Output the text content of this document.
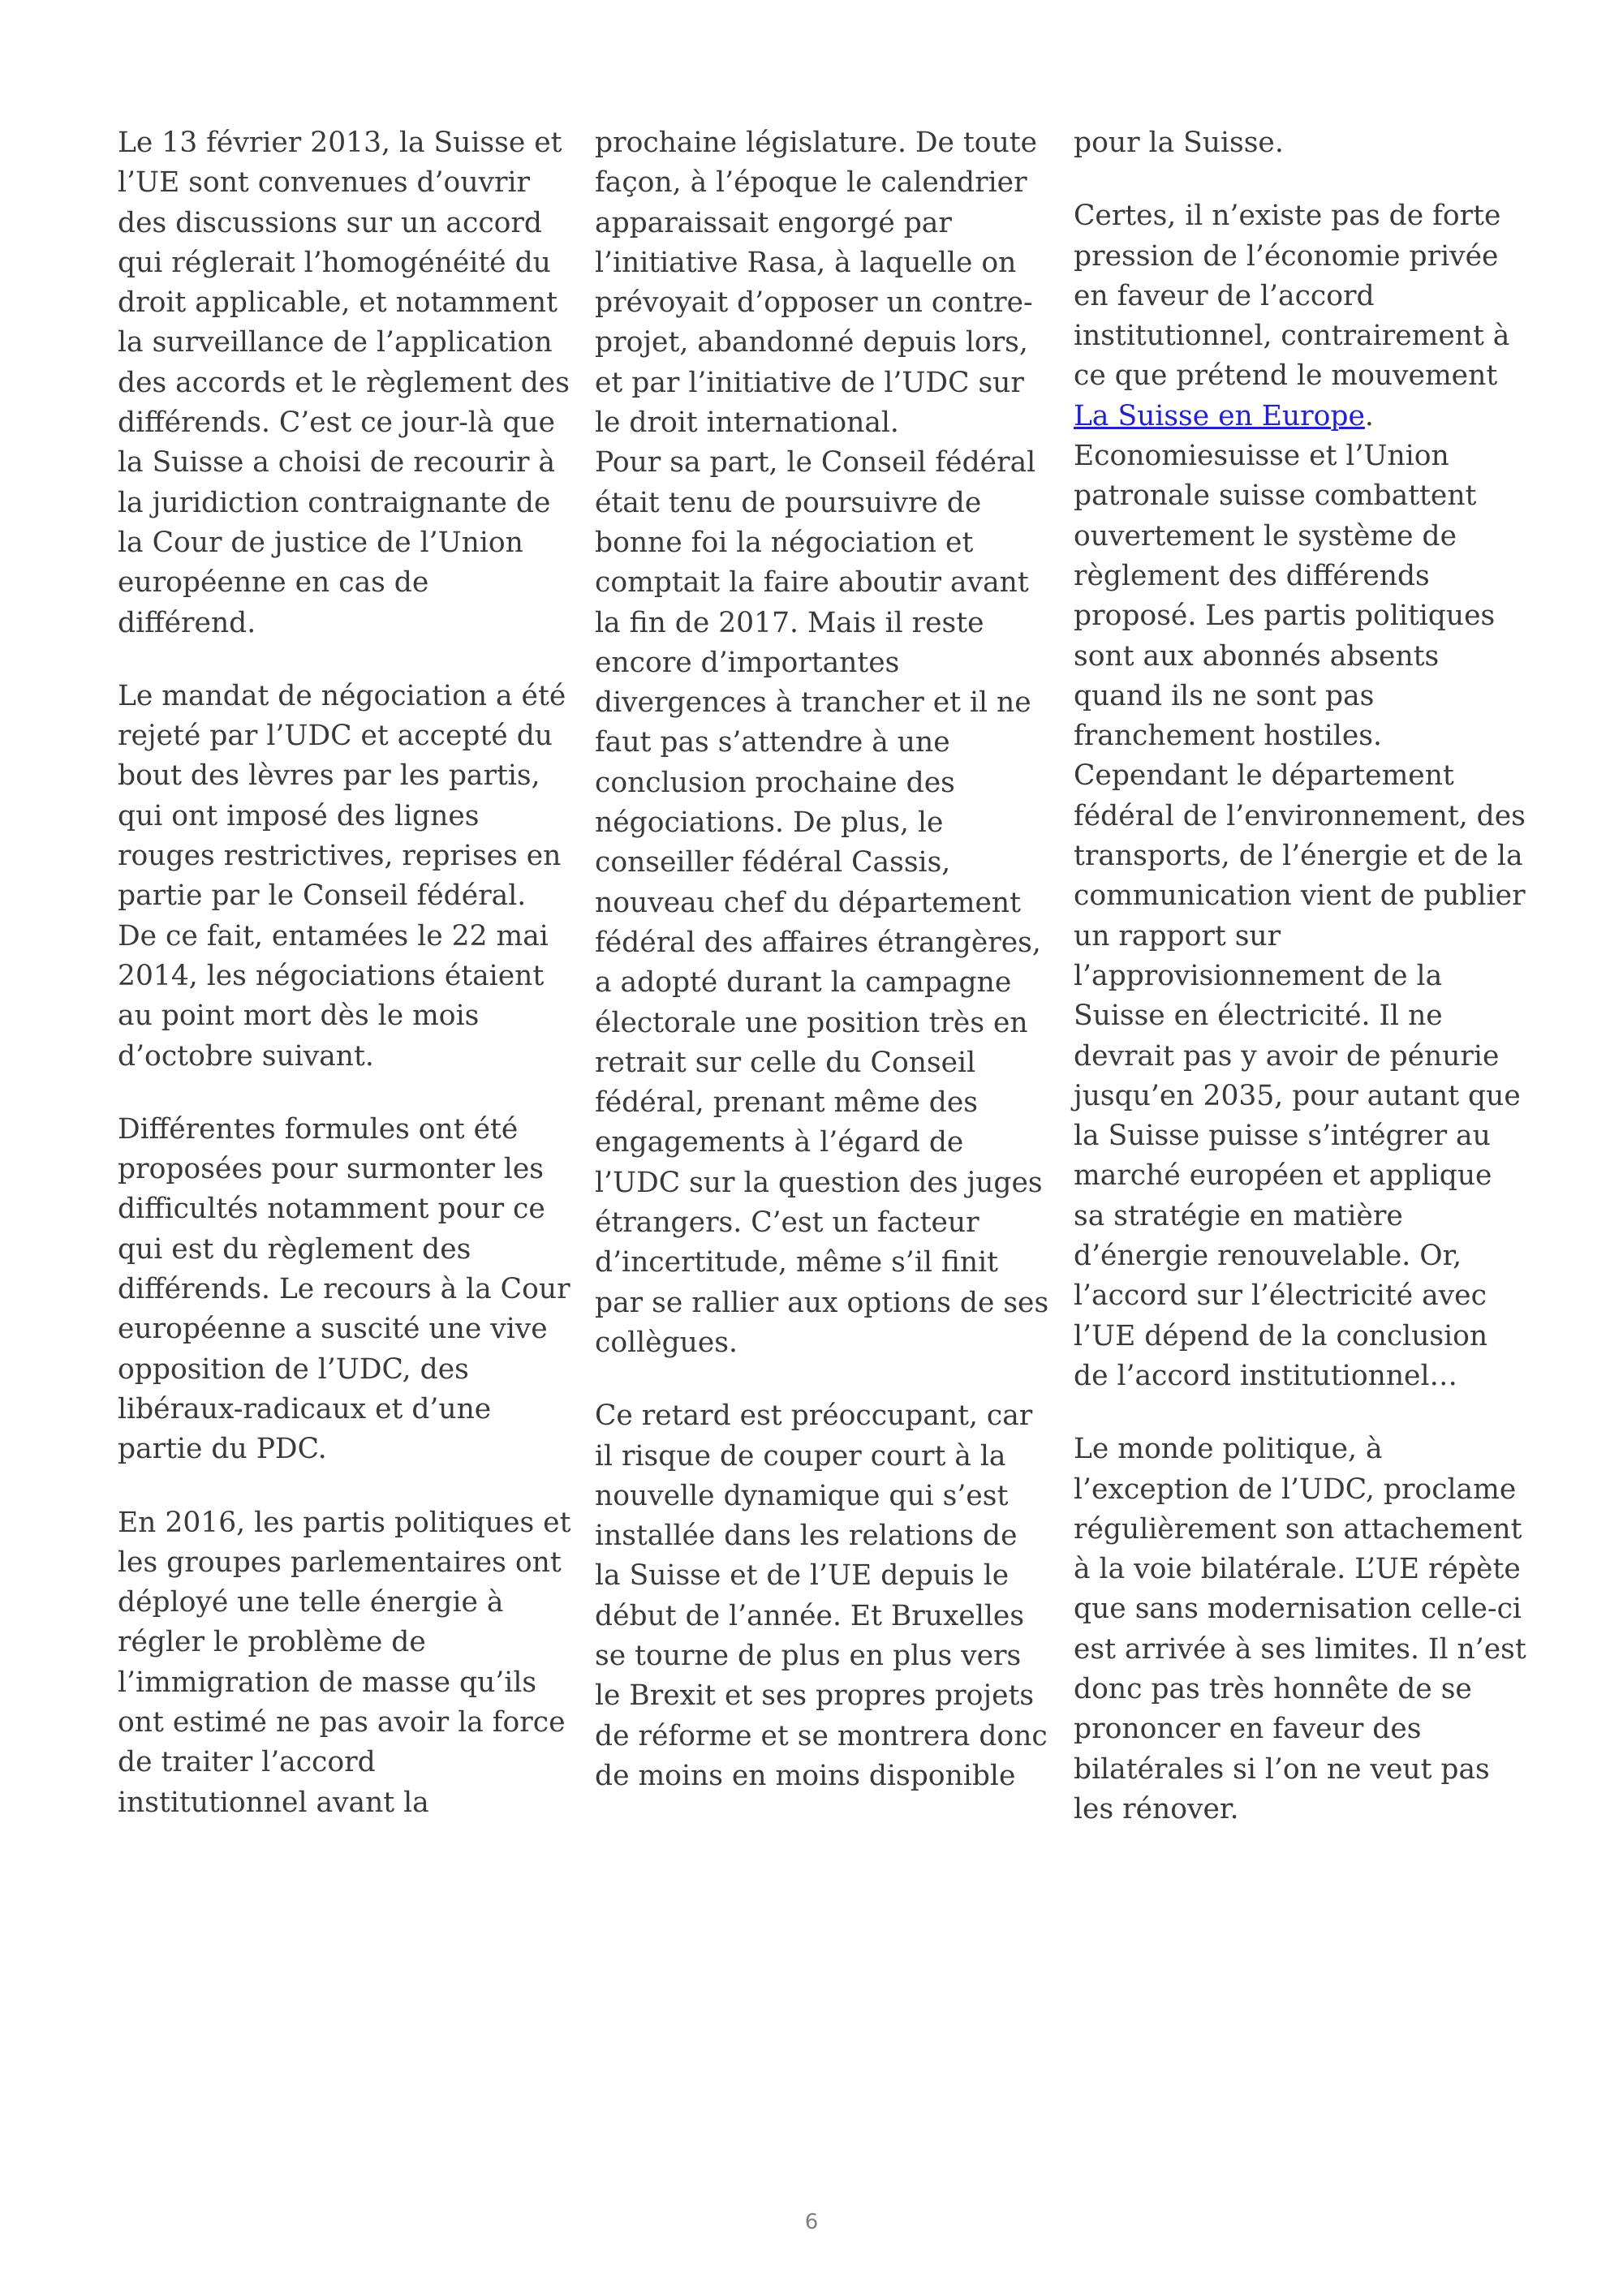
Le 13 février 2013, la Suisse et
l’UE sont convenues d’ouvrir
des discussions sur un accord
qui réglerait l’homogénéité du
droit applicable, et notamment
la surveillance de l’application
des accords et le règlement des
différends. C’est ce jour-là que
la Suisse a choisi de recourir à
la juridiction contraignante de
la Cour de justice de l’Union
européenne en cas de
différend.

Le mandat de négociation a été
rejeté par l’UDC et accepté du
bout des lèvres par les partis,
qui ont imposé des lignes
rouges restrictives, reprises en
partie par le Conseil fédéral.
De ce fait, entamées le 22 mai
2014, les négociations étaient
au point mort dès le mois
d’octobre suivant.

Différentes formules ont été
proposées pour surmonter les
difficultés notamment pour ce
qui est du règlement des
différends. Le recours à la Cour
européenne a suscité une vive
opposition de l’UDC, des
libéraux-radicaux et d’une
partie du PDC.

En 2016, les partis politiques et
les groupes parlementaires ont
déployé une telle énergie à
régler le problème de
l’immigration de masse qu’ils
ont estimé ne pas avoir la force
de traiter l’accord
institutionnel avant la

prochaine législature. De toute
façon, à l’époque le calendrier
apparaissait engorgé par
l’initiative Rasa, à laquelle on
prévoyait d’opposer un contre-
projet, abandonné depuis lors,
et par l’initiative de l’UDC sur
le droit international.

Pour sa part, le Conseil fédéral
était tenu de poursuivre de
bonne foi la négociation et
comptait la faire aboutir avant
la fin de 2017. Mais il reste
encore d’importantes
divergences à trancher et il ne
faut pas s’attendre à une
conclusion prochaine des
négociations. De plus, le
conseiller fédéral Cassis,
nouveau chef du département
fédéral des affaires étrangères,
a adopté durant la campagne
électorale une position très en
retrait sur celle du Conseil
fédéral, prenant même des
engagements à l’égard de
l’UDC sur la question des juges
étrangers. C’est un facteur
d’incertitude, même s’il finit
par se rallier aux options de ses
collègues.

Ce retard est préoccupant, car
il risque de couper court à la
nouvelle dynamique qui s’est
installée dans les relations de
la Suisse et de l’UE depuis le
début de l’année. Et Bruxelles
se tourne de plus en plus vers
le Brexit et ses propres projets
de réforme et se montrera donc
de moins en moins disponible

pour la Suisse.

Certes, il n’existe pas de forte
pression de l’économie privée
en faveur de l’accord
institutionnel, contrairement à
ce que prétend le mouvement
La Suisse en Europe.
Economiesuisse et l’Union
patronale suisse combattent
ouvertement le système de
règlement des différends
proposé. Les partis politiques
sont aux abonnés absents
quand ils ne sont pas
franchement hostiles.
Cependant le département
fédéral de l’environnement, des
transports, de l’énergie et de la
communication vient de publier
un rapport sur
l’approvisionnement de la
Suisse en électricité. Il ne
devrait pas y avoir de pénurie
jusqu’en 2035, pour autant que
la Suisse puisse s’intégrer au
marché européen et applique
sa stratégie en matière
d’énergie renouvelable. Or,
l’accord sur l’électricité avec
l’UE dépend de la conclusion
de l’accord institutionnel…

Le monde politique, à
l’exception de l’UDC, proclame
régulièrement son attachement
à la voie bilatérale. L’UE répète
que sans modernisation celle-ci
est arrivée à ses limites. Il n’est
donc pas très honnête de se
prononcer en faveur des
bilatérales si l’on ne veut pas
les rénover.

6
